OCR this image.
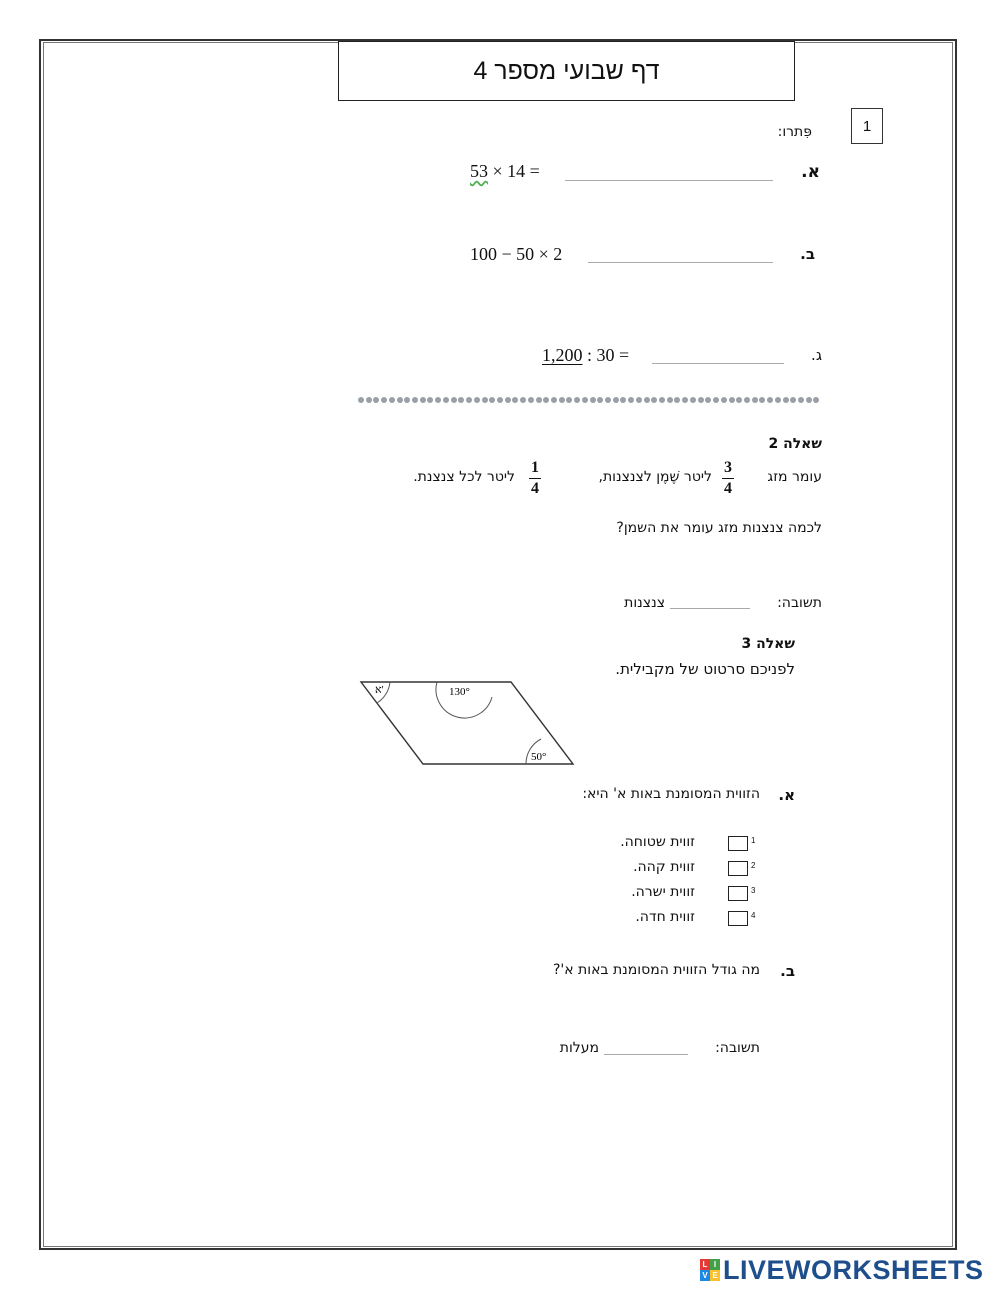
דף שבועי מספר 4
1
פִּתרו:
א.
53 × 14 =
ב.
100 − 50 × 2
ג.
1,200 : 30 =
שאלה 2
עומר מזג
3
4
ליטר שֶׁמֶן לצנצנות,
1
4
ליטר לכל צנצנת.
לכמה צנצנות מזג עומר את השמן?
תשובה:
צנצנות
שאלה 3
לפניכם סרטוט של מקבילית.
א'	130°
50°
א.
הזווית המסומנת באות א' היא:
1
זווית שטוחה.
2
זווית קהה.
3
זווית ישרה.
4
זווית חדה.
ב.
מה גודל הזווית המסומנת באות א'?
תשובה:
מעלות
L I
V E LIVEWORKSHEETS
